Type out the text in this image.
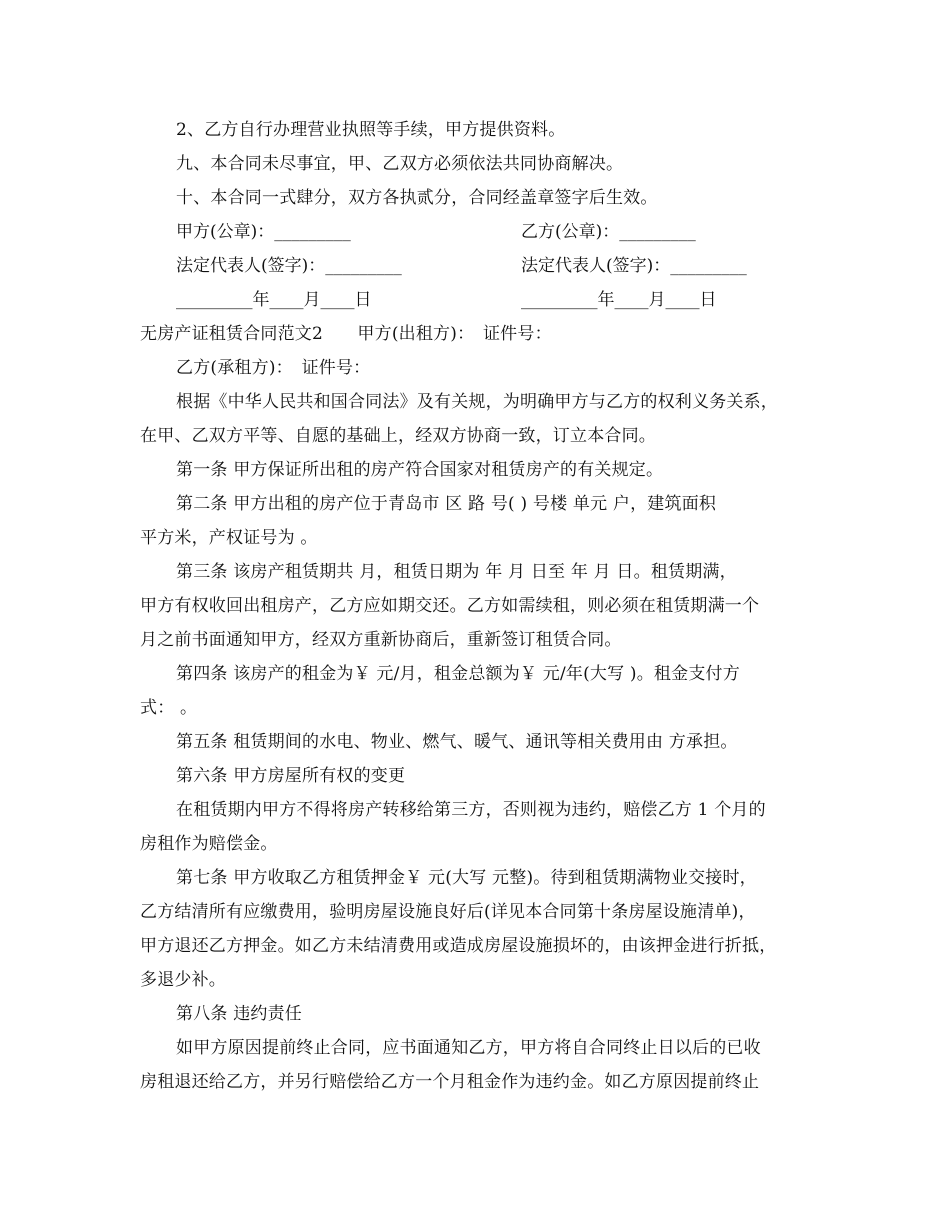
2、乙方自行办理营业执照等手续，甲方提供资料。
九、本合同未尽事宜，甲、乙双方必须依法共同协商解决。
十、本合同一式肆分，双方各执贰分，合同经盖章签字后生效。
甲方(公章)：_________	乙方(公章)：_________
法定代表人(签字)：_________	法定代表人(签字)：_________
_________年____月____日	_________年____月____日
无房产证租赁合同范文2　　甲方(出租方)：　证件号：
乙方(承租方)：　证件号：
根据《中华人民共和国合同法》及有关规，为明确甲方与乙方的权利义务关系，
在甲、乙双方平等、自愿的基础上，经双方协商一致，订立本合同。
第一条 甲方保证所出租的房产符合国家对租赁房产的有关规定。
第二条 甲方出租的房产位于青岛市 区 路 号( ) 号楼 单元 户，建筑面积
平方米，产权证号为 。
第三条 该房产租赁期共 月，租赁日期为 年 月 日至 年 月 日。租赁期满，
甲方有权收回出租房产，乙方应如期交还。乙方如需续租，则必须在租赁期满一个
月之前书面通知甲方，经双方重新协商后，重新签订租赁合同。
第四条 该房产的租金为￥ 元/月，租金总额为￥ 元/年(大写 )。租金支付方
式： 。
第五条 租赁期间的水电、物业、燃气、暖气、通讯等相关费用由 方承担。
第六条 甲方房屋所有权的变更
在租赁期内甲方不得将房产转移给第三方，否则视为违约，赔偿乙方 1 个月的
房租作为赔偿金。
第七条 甲方收取乙方租赁押金￥ 元(大写 元整)。待到租赁期满物业交接时，
乙方结清所有应缴费用，验明房屋设施良好后(详见本合同第十条房屋设施清单)，
甲方退还乙方押金。如乙方未结清费用或造成房屋设施损坏的，由该押金进行折抵，
多退少补。
第八条 违约责任
如甲方原因提前终止合同，应书面通知乙方，甲方将自合同终止日以后的已收
房租退还给乙方，并另行赔偿给乙方一个月租金作为违约金。如乙方原因提前终止
